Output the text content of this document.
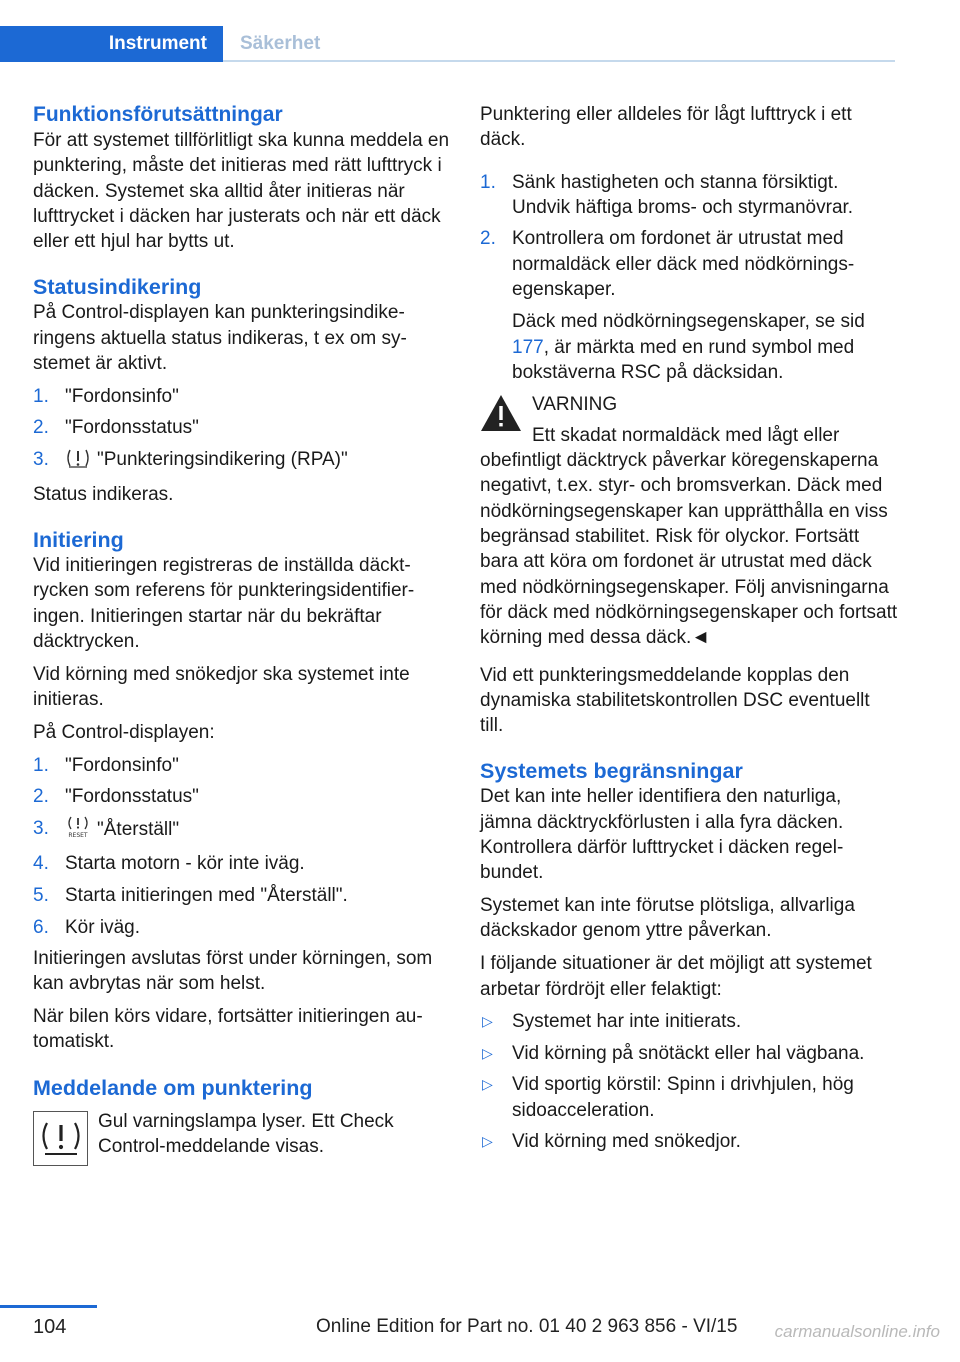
Instrument	Säkerhet
Funktionsförutsättningar

För att systemet tillförlitligt ska kunna meddela en punktering, måste det initieras med rätt lufttryck i däcken. Systemet ska alltid åter initieras när lufttrycket i däcken har justerats och när ett däck eller ett hjul har bytts ut.

Statusindikering

På Control-displayen kan punkteringsindikeringens aktuella status indikeras, t ex om systemet är aktivt.

1. "Fordonsinfo"
2. "Fordonsstatus"
3.	"Punkteringsindikering (RPA)"

Status indikeras.

Initiering

Vid initieringen registreras de inställda däcktrycken som referens för punkteringsidentifieringen. Initieringen startar när du bekräftar däcktrycken.

Vid körning med snökedjor ska systemet inte initieras.

På Control-displayen:

1. "Fordonsinfo"
2. "Fordonsstatus"
3.	RESET "Återställ"
4. Starta motorn - kör inte iväg.
5. Starta initieringen med "Återställ".
6. Kör iväg.

Initieringen avslutas först under körningen, som kan avbrytas när som helst.

När bilen körs vidare, fortsätter initieringen automatiskt.

Meddelande om punktering

Gul varningslampa lyser. Ett Check Control-meddelande visas.

Punktering eller alldeles för lågt lufttryck i ett däck.

1. Sänk hastigheten och stanna försiktigt. Undvik häftiga broms- och styrmanövrar.
2. Kontrollera om fordonet är utrustat med normaldäck eller däck med nödkörningsegenskaper.
Däck med nödkörningsegenskaper, se sid 177, är märkta med en rund symbol med bokstäverna RSC på däcksidan.

VARNING

Ett skadat normaldäck med lågt eller obefintligt däcktryck påverkar köregenskaperna negativt, t.ex. styr- och bromsverkan. Däck med nödkörningsegenskaper kan upprätthålla en viss begränsad stabilitet. Risk för olyckor. Fortsätt bara att köra om fordonet är utrustat med däck med nödkörningsegenskaper. Följ anvisningarna för däck med nödkörningsegenskaper och fortsatt körning med dessa däck.◄

Vid ett punkteringsmeddelande kopplas den dynamiska stabilitetskontrollen DSC eventuellt till.

Systemets begränsningar

Det kan inte heller identifiera den naturliga, jämna däcktryckförlusten i alla fyra däcken. Kontrollera därför lufttrycket i däcken regelbundet.

Systemet kan inte förutse plötsliga, allvarliga däckskador genom yttre påverkan.

I följande situationer är det möjligt att systemet arbetar fördröjt eller felaktigt:

▷ Systemet har inte initierats.
▷ Vid körning på snötäckt eller hal vägbana.
▷ Vid sportig körstil: Spinn i drivhjulen, hög sidoacceleration.
▷ Vid körning med snökedjor.
104	Online Edition for Part no. 01 40 2 963 856 - VI/15 carmanualsonline.info
